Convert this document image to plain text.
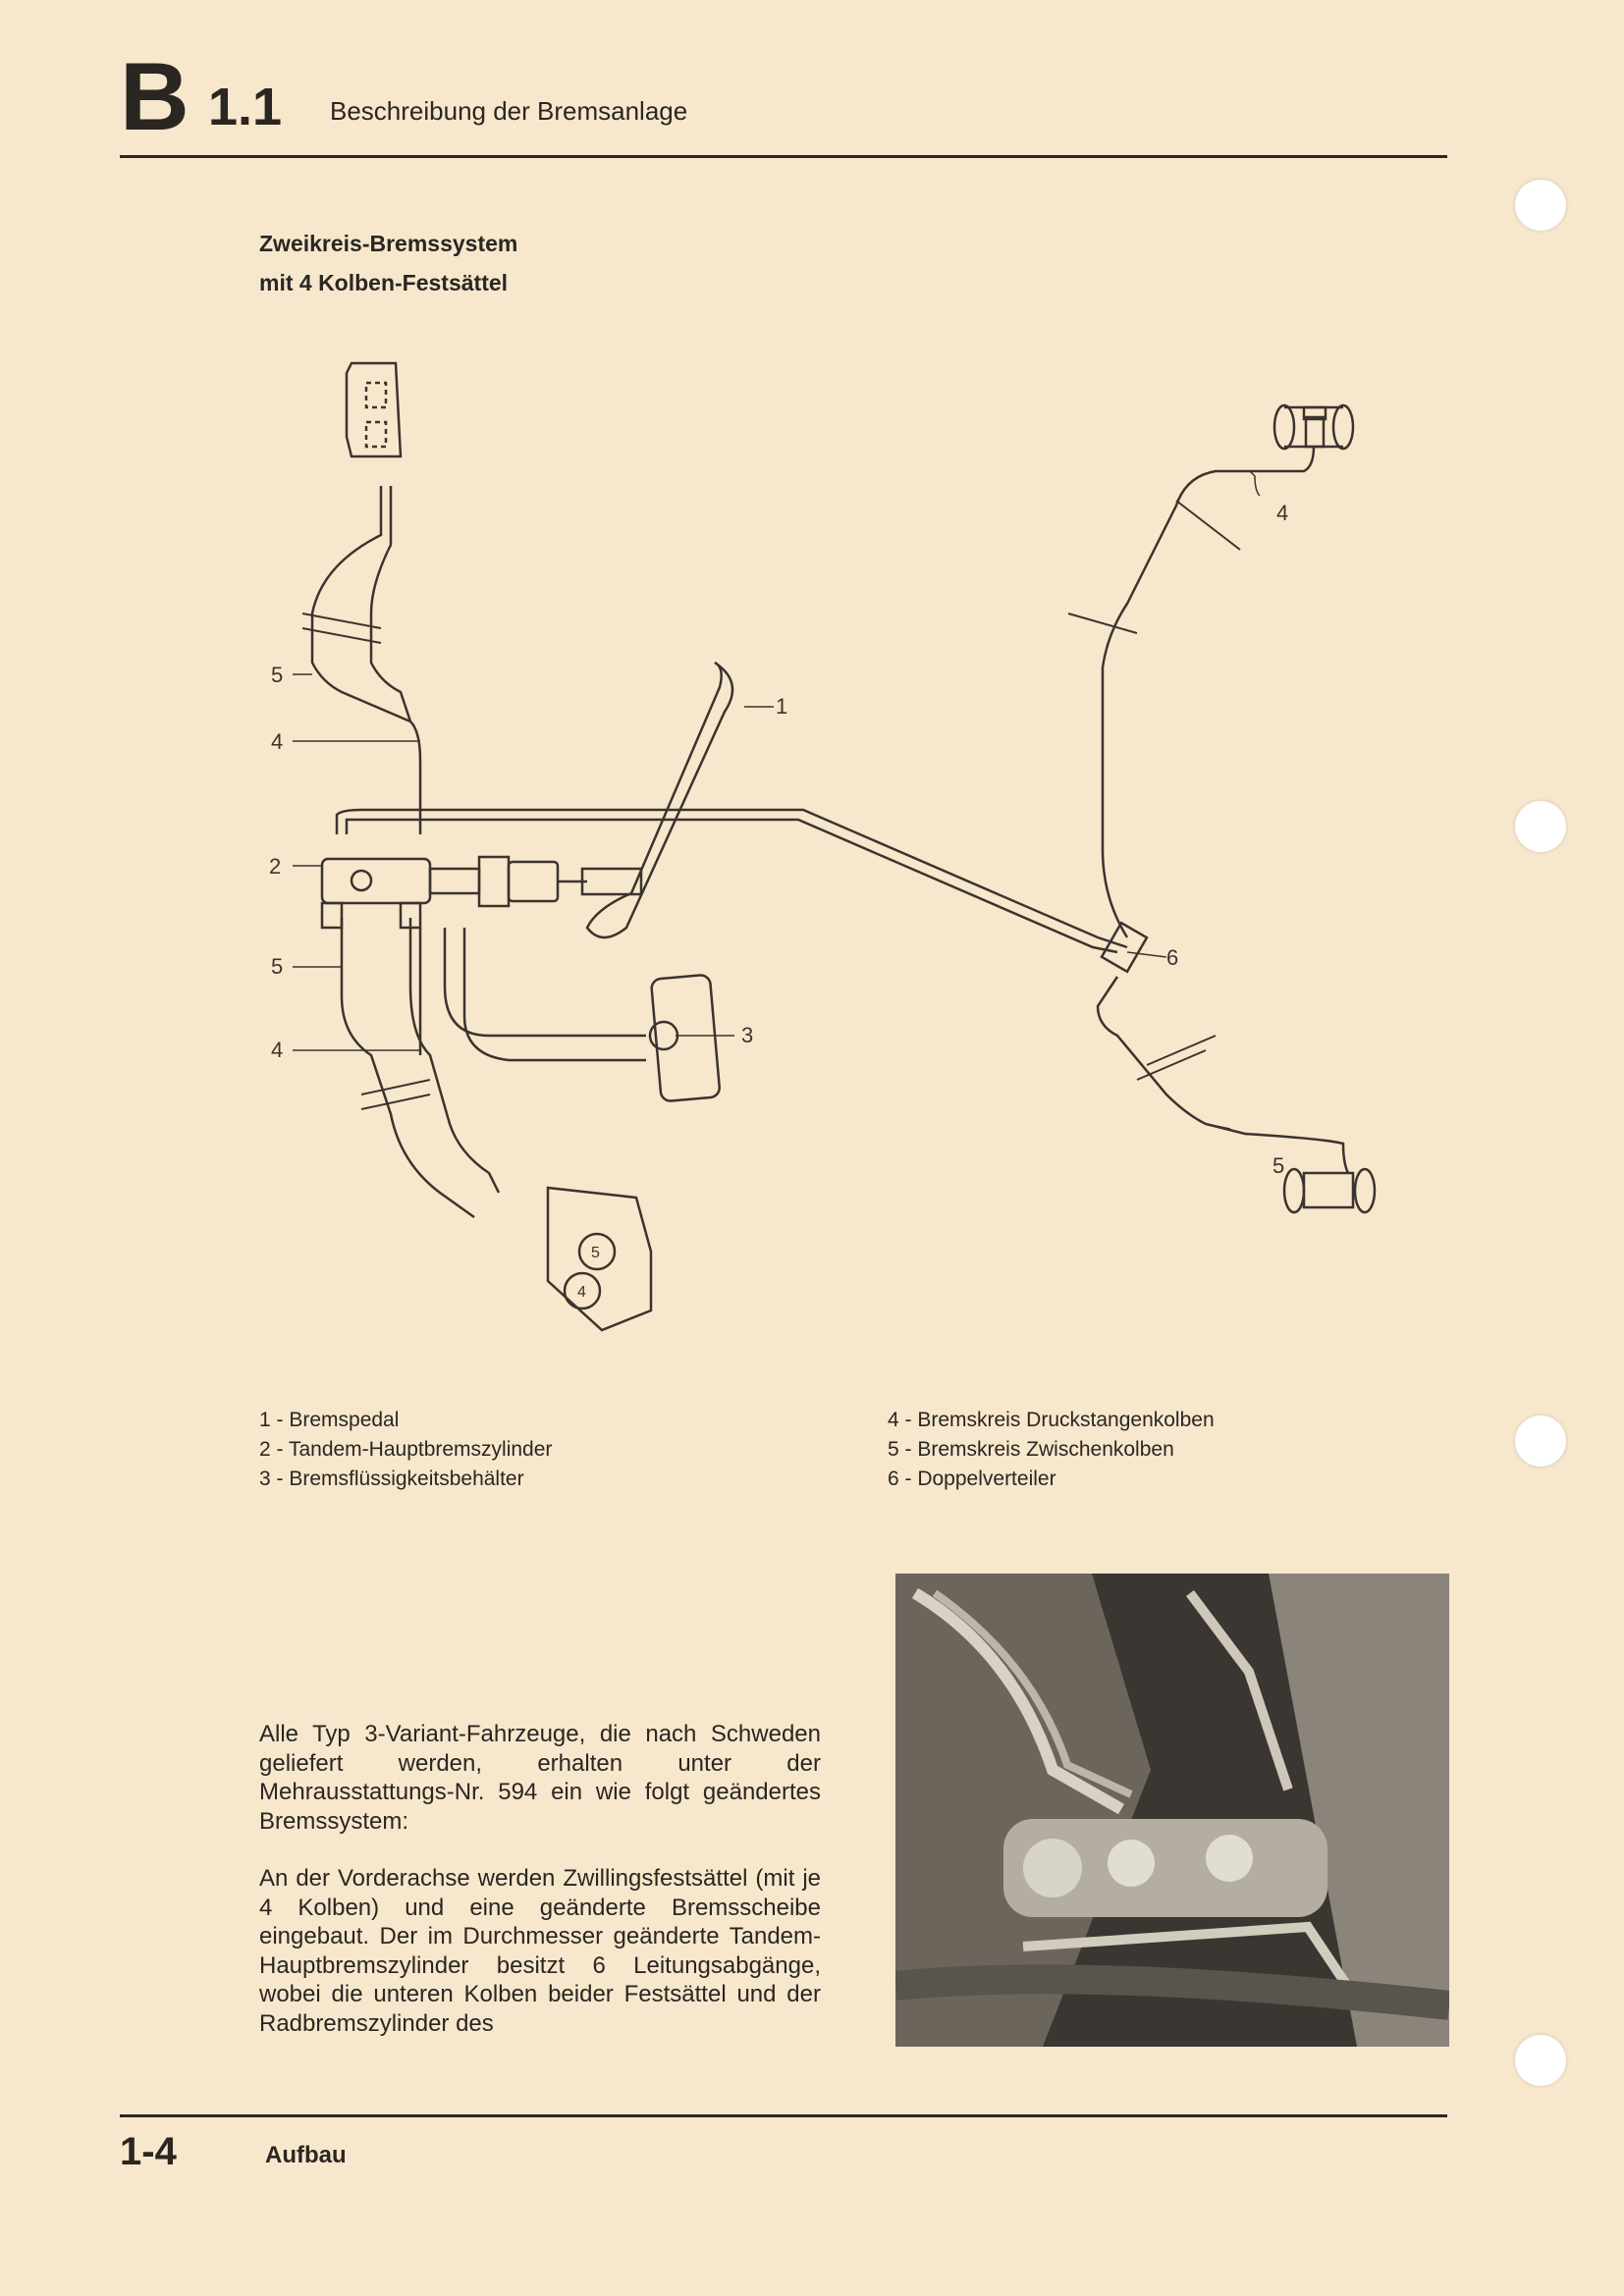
B 1.1 Beschreibung der Bremsanlage
Zweikreis-Bremssystem
mit 4 Kolben-Festsättel
5
4
1
2
3
4
5
6
4
5
4
5
1 - Bremspedal
2 - Tandem-Hauptbremszylinder
3 - Bremsflüssigkeitsbehälter
4 - Bremskreis Druckstangenkolben
5 - Bremskreis Zwischenkolben
6 - Doppelverteiler

Alle Typ 3-Variant-Fahrzeuge, die nach Schweden geliefert werden, erhalten unter der Mehrausstattungs-Nr. 594 ein wie folgt geändertes Bremssystem:

An der Vorderachse werden Zwillingsfestsättel (mit je 4 Kolben) und eine geänderte Bremsscheibe eingebaut. Der im Durchmesser geänderte Tandem-Hauptbremszylinder besitzt 6 Leitungsabgänge, wobei die unteren Kolben beider Festsättel und der Radbremszylinder des

1-4	Aufbau
